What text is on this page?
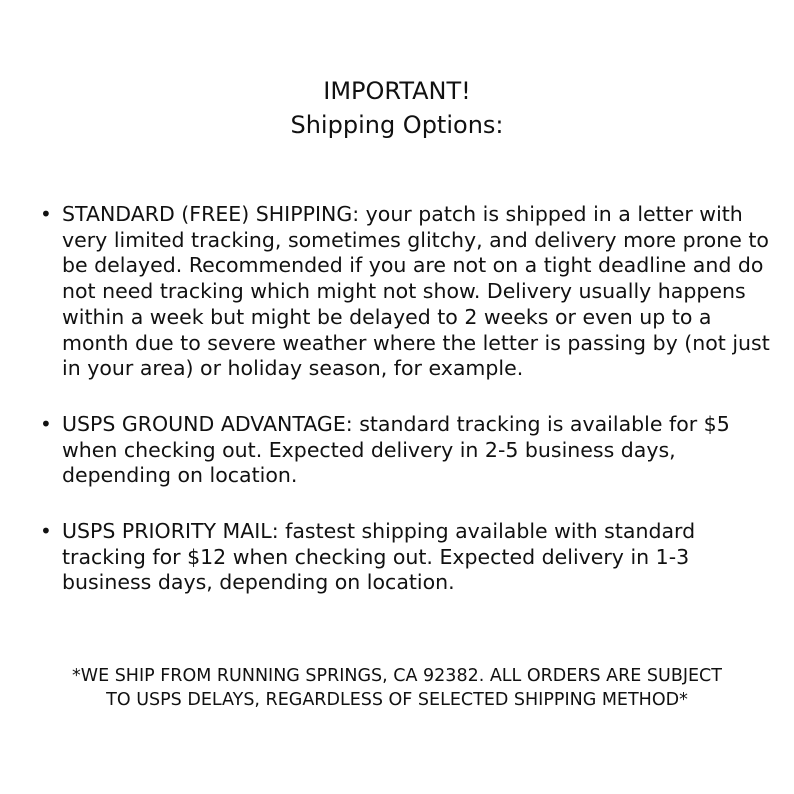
IMPORTANT!
Shipping Options:
• STANDARD (FREE) SHIPPING: your patch is shipped in a letter with very limited tracking, sometimes glitchy, and delivery more prone to be delayed. Recommended if you are not on a tight deadline and do not need tracking which might not show. Delivery usually happens within a week but might be delayed to 2 weeks or even up to a month due to severe weather where the letter is passing by (not just in your area) or holiday season, for example.
• USPS GROUND ADVANTAGE: standard tracking is available for $5 when checking out. Expected delivery in 2-5 business days, depending on location.
• USPS PRIORITY MAIL: fastest shipping available with standard tracking for $12 when checking out. Expected delivery in 1-3 business days, depending on location.
*WE SHIP FROM RUNNING SPRINGS, CA 92382. ALL ORDERS ARE SUBJECT
TO USPS DELAYS, REGARDLESS OF SELECTED SHIPPING METHOD*
